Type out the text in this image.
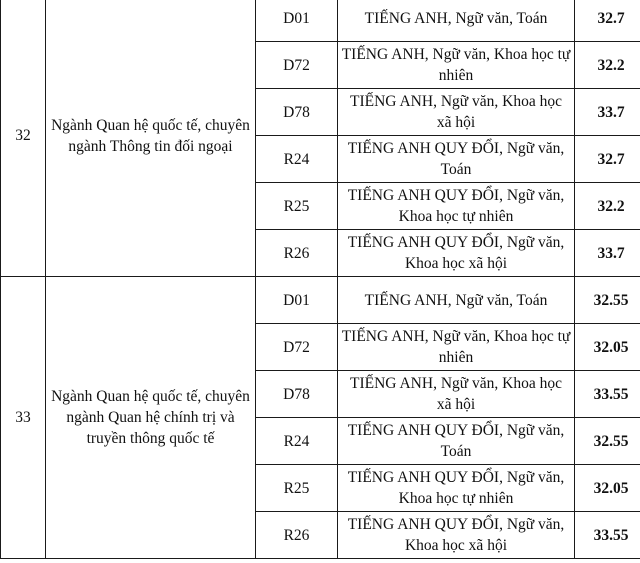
32	Ngành Quan hệ quốc tế, chuyên ngành Thông tin đối ngoại	D01	TIẾNG ANH, Ngữ văn, Toán	32.7
		D72	TIẾNG ANH, Ngữ văn, Khoa học tự nhiên	32.2
		D78	TIẾNG ANH, Ngữ văn, Khoa học xã hội	33.7
		R24	TIẾNG ANH QUY ĐỔI, Ngữ văn, Toán	32.7
		R25	TIẾNG ANH QUY ĐỔI, Ngữ văn, Khoa học tự nhiên	32.2
		R26	TIẾNG ANH QUY ĐỔI, Ngữ văn, Khoa học xã hội	33.7
33	Ngành Quan hệ quốc tế, chuyên ngành Quan hệ chính trị và truyền thông quốc tế	D01	TIẾNG ANH, Ngữ văn, Toán	32.55
		D72	TIẾNG ANH, Ngữ văn, Khoa học tự nhiên	32.05
		D78	TIẾNG ANH, Ngữ văn, Khoa học xã hội	33.55
		R24	TIẾNG ANH QUY ĐỔI, Ngữ văn, Toán	32.55
		R25	TIẾNG ANH QUY ĐỔI, Ngữ văn, Khoa học tự nhiên	32.05
		R26	TIẾNG ANH QUY ĐỔI, Ngữ văn, Khoa học xã hội	33.55
